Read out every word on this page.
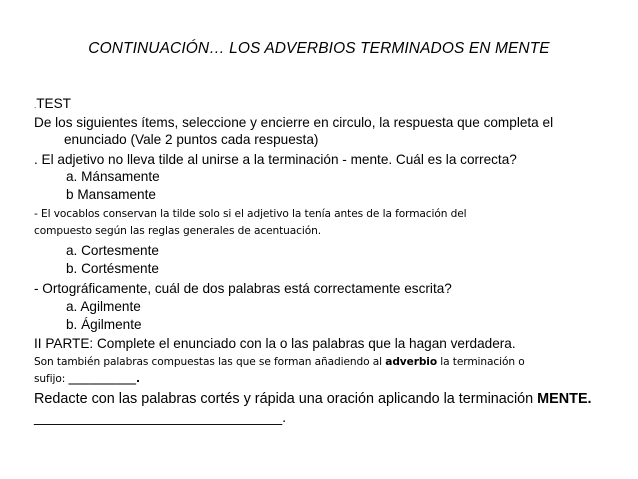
CONTINUACIÓN… LOS ADVERBIOS TERMINADOS EN MENTE
.TEST
De los siguientes ítems, seleccione y encierre en circulo, la respuesta que completa el
enunciado (Vale 2 puntos cada respuesta)
. El adjetivo no lleva tilde al unirse a la terminación - mente. Cuál es la correcta?
a. Mánsamente
b Mansamente
- El vocablos conservan la tilde solo si el adjetivo la tenía antes de la formación del
compuesto según las reglas generales de acentuación.
a. Cortesmente
b. Cortésmente
- Ortográficamente, cuál de dos palabras está correctamente escrita?
a. Agilmente
b. Ágilmente
II PARTE: Complete el enunciado con la o las palabras que la hagan verdadera.
Son también palabras compuestas las que se forman añadiendo al adverbio la terminación o
sufijo: _____________.
Redacte con las palabras cortés y rápida una oración aplicando la terminación MENTE.
_______________________________.
